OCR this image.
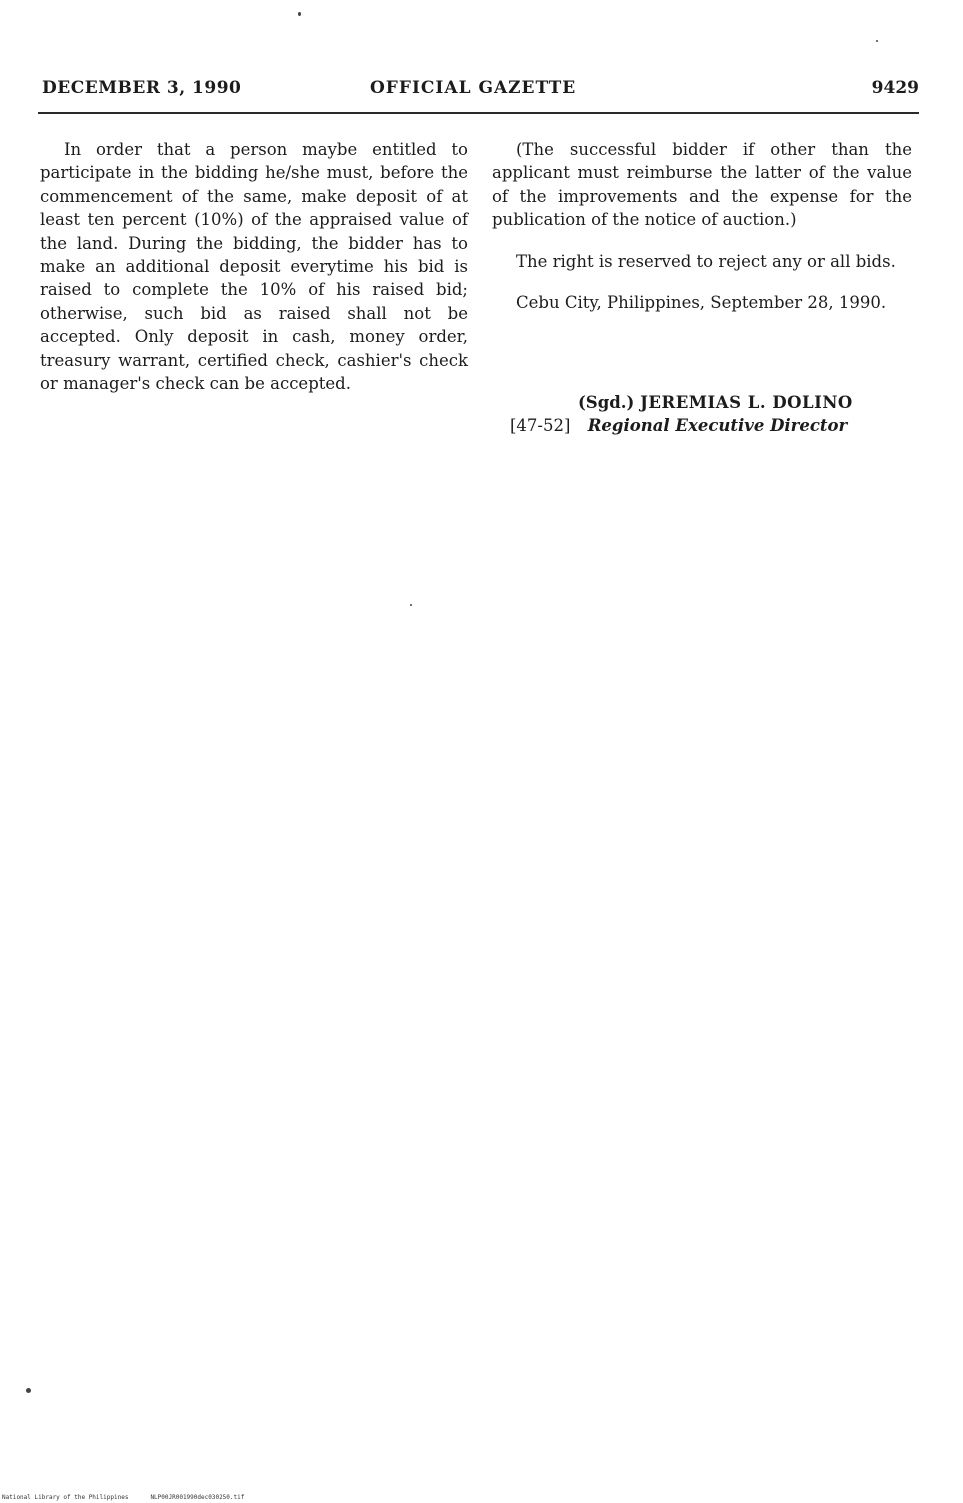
DECEMBER 3, 1990	OFFICIAL GAZETTE	9429

In order that a person maybe entitled to participate in the bidding he/she must, before the commencement of the same, make deposit of at least ten percent (10%) of the appraised value of the land. During the bidding, the bidder has to make an additional deposit everytime his bid is raised to complete the 10% of his raised bid; otherwise, such bid as raised shall not be accepted. Only deposit in cash, money order, treasury warrant, certified check, cashier's check or manager's check can be accepted.

(The successful bidder if other than the applicant must reimburse the latter of the value of the improvements and the expense for the publication of the notice of auction.)

The right is reserved to reject any or all bids.

Cebu City, Philippines, September 28, 1990.

(Sgd.) JEREMIAS L. DOLINO
[47-52] Regional Executive Director
National Library of the Philippines	NLP00JR001990dec030250.tif
